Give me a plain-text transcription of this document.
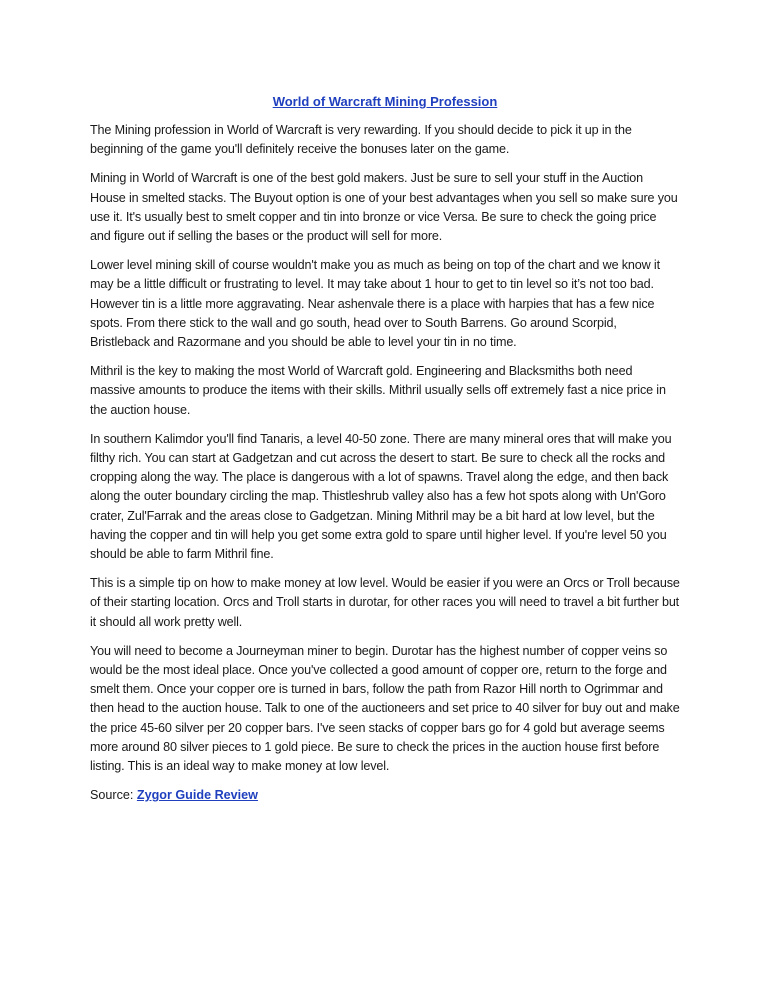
World of Warcraft Mining Profession

The Mining profession in World of Warcraft is very rewarding. If you should decide to pick it up in the beginning of the game you'll definitely receive the bonuses later on the game.

Mining in World of Warcraft is one of the best gold makers. Just be sure to sell your stuff in the Auction House in smelted stacks. The Buyout option is one of your best advantages when you sell so make sure you use it. It's usually best to smelt copper and tin into bronze or vice Versa. Be sure to check the going price and figure out if selling the bases or the product will sell for more.

Lower level mining skill of course wouldn't make you as much as being on top of the chart and we know it may be a little difficult or frustrating to level. It may take about 1 hour to get to tin level so it’s not too bad. However tin is a little more aggravating. Near ashenvale there is a place with harpies that has a few nice spots. From there stick to the wall and go south, head over to South Barrens. Go around Scorpid, Bristleback and Razormane and you should be able to level your tin in no time.

Mithril is the key to making the most World of Warcraft gold. Engineering and Blacksmiths both need massive amounts to produce the items with their skills. Mithril usually sells off extremely fast a nice price in the auction house.

In southern Kalimdor you'll find Tanaris, a level 40-50 zone. There are many mineral ores that will make you filthy rich. You can start at Gadgetzan and cut across the desert to start. Be sure to check all the rocks and cropping along the way. The place is dangerous with a lot of spawns. Travel along the edge, and then back along the outer boundary circling the map. Thistleshrub valley also has a few hot spots along with Un'Goro crater, Zul'Farrak and the areas close to Gadgetzan. Mining Mithril may be a bit hard at low level, but the having the copper and tin will help you get some extra gold to spare until higher level. If you're level 50 you should be able to farm Mithril fine.

This is a simple tip on how to make money at low level. Would be easier if you were an Orcs or Troll because of their starting location. Orcs and Troll starts in durotar, for other races you will need to travel a bit further but it should all work pretty well.

You will need to become a Journeyman miner to begin. Durotar has the highest number of copper veins so would be the most ideal place. Once you've collected a good amount of copper ore, return to the forge and smelt them. Once your copper ore is turned in bars, follow the path from Razor Hill north to Ogrimmar and then head to the auction house. Talk to one of the auctioneers and set price to 40 silver for buy out and make the price 45-60 silver per 20 copper bars. I've seen stacks of copper bars go for 4 gold but average seems more around 80 silver pieces to 1 gold piece. Be sure to check the prices in the auction house first before listing. This is an ideal way to make money at low level.

Source: Zygor Guide Review
